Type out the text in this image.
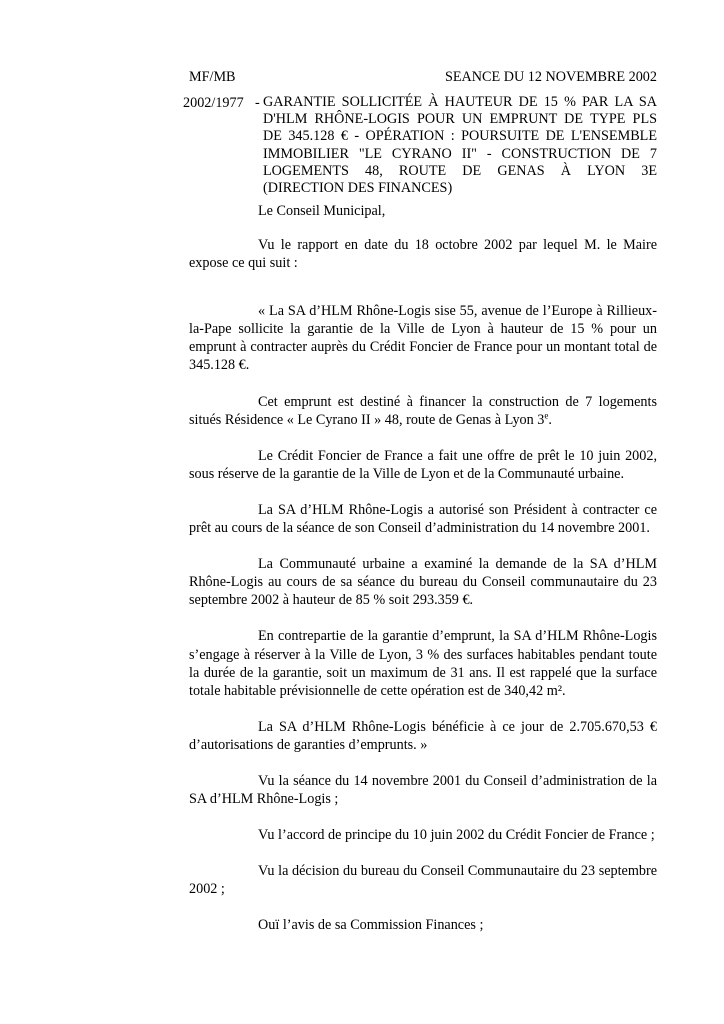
MF/MB	SEANCE DU 12 NOVEMBRE 2002
2002/1977 - GARANTIE SOLLICITÉE À HAUTEUR DE 15 % PAR LA SA
D'HLM RHÔNE-LOGIS POUR UN EMPRUNT DE TYPE PLS
DE 345.128 € - OPÉRATION : POURSUITE DE L'ENSEMBLE
IMMOBILIER "LE CYRANO II" - CONSTRUCTION DE 7
LOGEMENTS 48, ROUTE DE GENAS À LYON 3E
(DIRECTION DES FINANCES)
Le Conseil Municipal,

Vu le rapport en date du 18 octobre 2002 par lequel M. le Maire expose ce qui suit :

« La SA d’HLM Rhône-Logis sise 55, avenue de l’Europe à Rillieux-la-Pape sollicite la garantie de la Ville de Lyon à hauteur de 15 % pour un emprunt à contracter auprès du Crédit Foncier de France pour un montant total de 345.128 €.

Cet emprunt est destiné à financer la construction de 7 logements situés Résidence « Le Cyrano II » 48, route de Genas à Lyon 3e.

Le Crédit Foncier de France a fait une offre de prêt le 10 juin 2002, sous réserve de la garantie de la Ville de Lyon et de la Communauté urbaine.

La SA d’HLM Rhône-Logis a autorisé son Président à contracter ce prêt au cours de la séance de son Conseil d’administration du 14 novembre 2001.

La Communauté urbaine a examiné la demande de la SA d’HLM Rhône-Logis au cours de sa séance du bureau du Conseil communautaire du 23 septembre 2002 à hauteur de 85 % soit 293.359 €.

En contrepartie de la garantie d’emprunt, la SA d’HLM Rhône-Logis s’engage à réserver à la Ville de Lyon, 3 % des surfaces habitables pendant toute la durée de la garantie, soit un maximum de 31 ans. Il est rappelé que la surface totale habitable prévisionnelle de cette opération est de 340,42 m².

La SA d’HLM Rhône-Logis bénéficie à ce jour de 2.705.670,53 € d’autorisations de garanties d’emprunts. »

Vu la séance du 14 novembre 2001 du Conseil d’administration de la SA d’HLM Rhône-Logis ;

Vu l’accord de principe du 10 juin 2002 du Crédit Foncier de France ;

Vu la décision du bureau du Conseil Communautaire du 23 septembre 2002 ;

Ouï l’avis de sa Commission Finances ;
